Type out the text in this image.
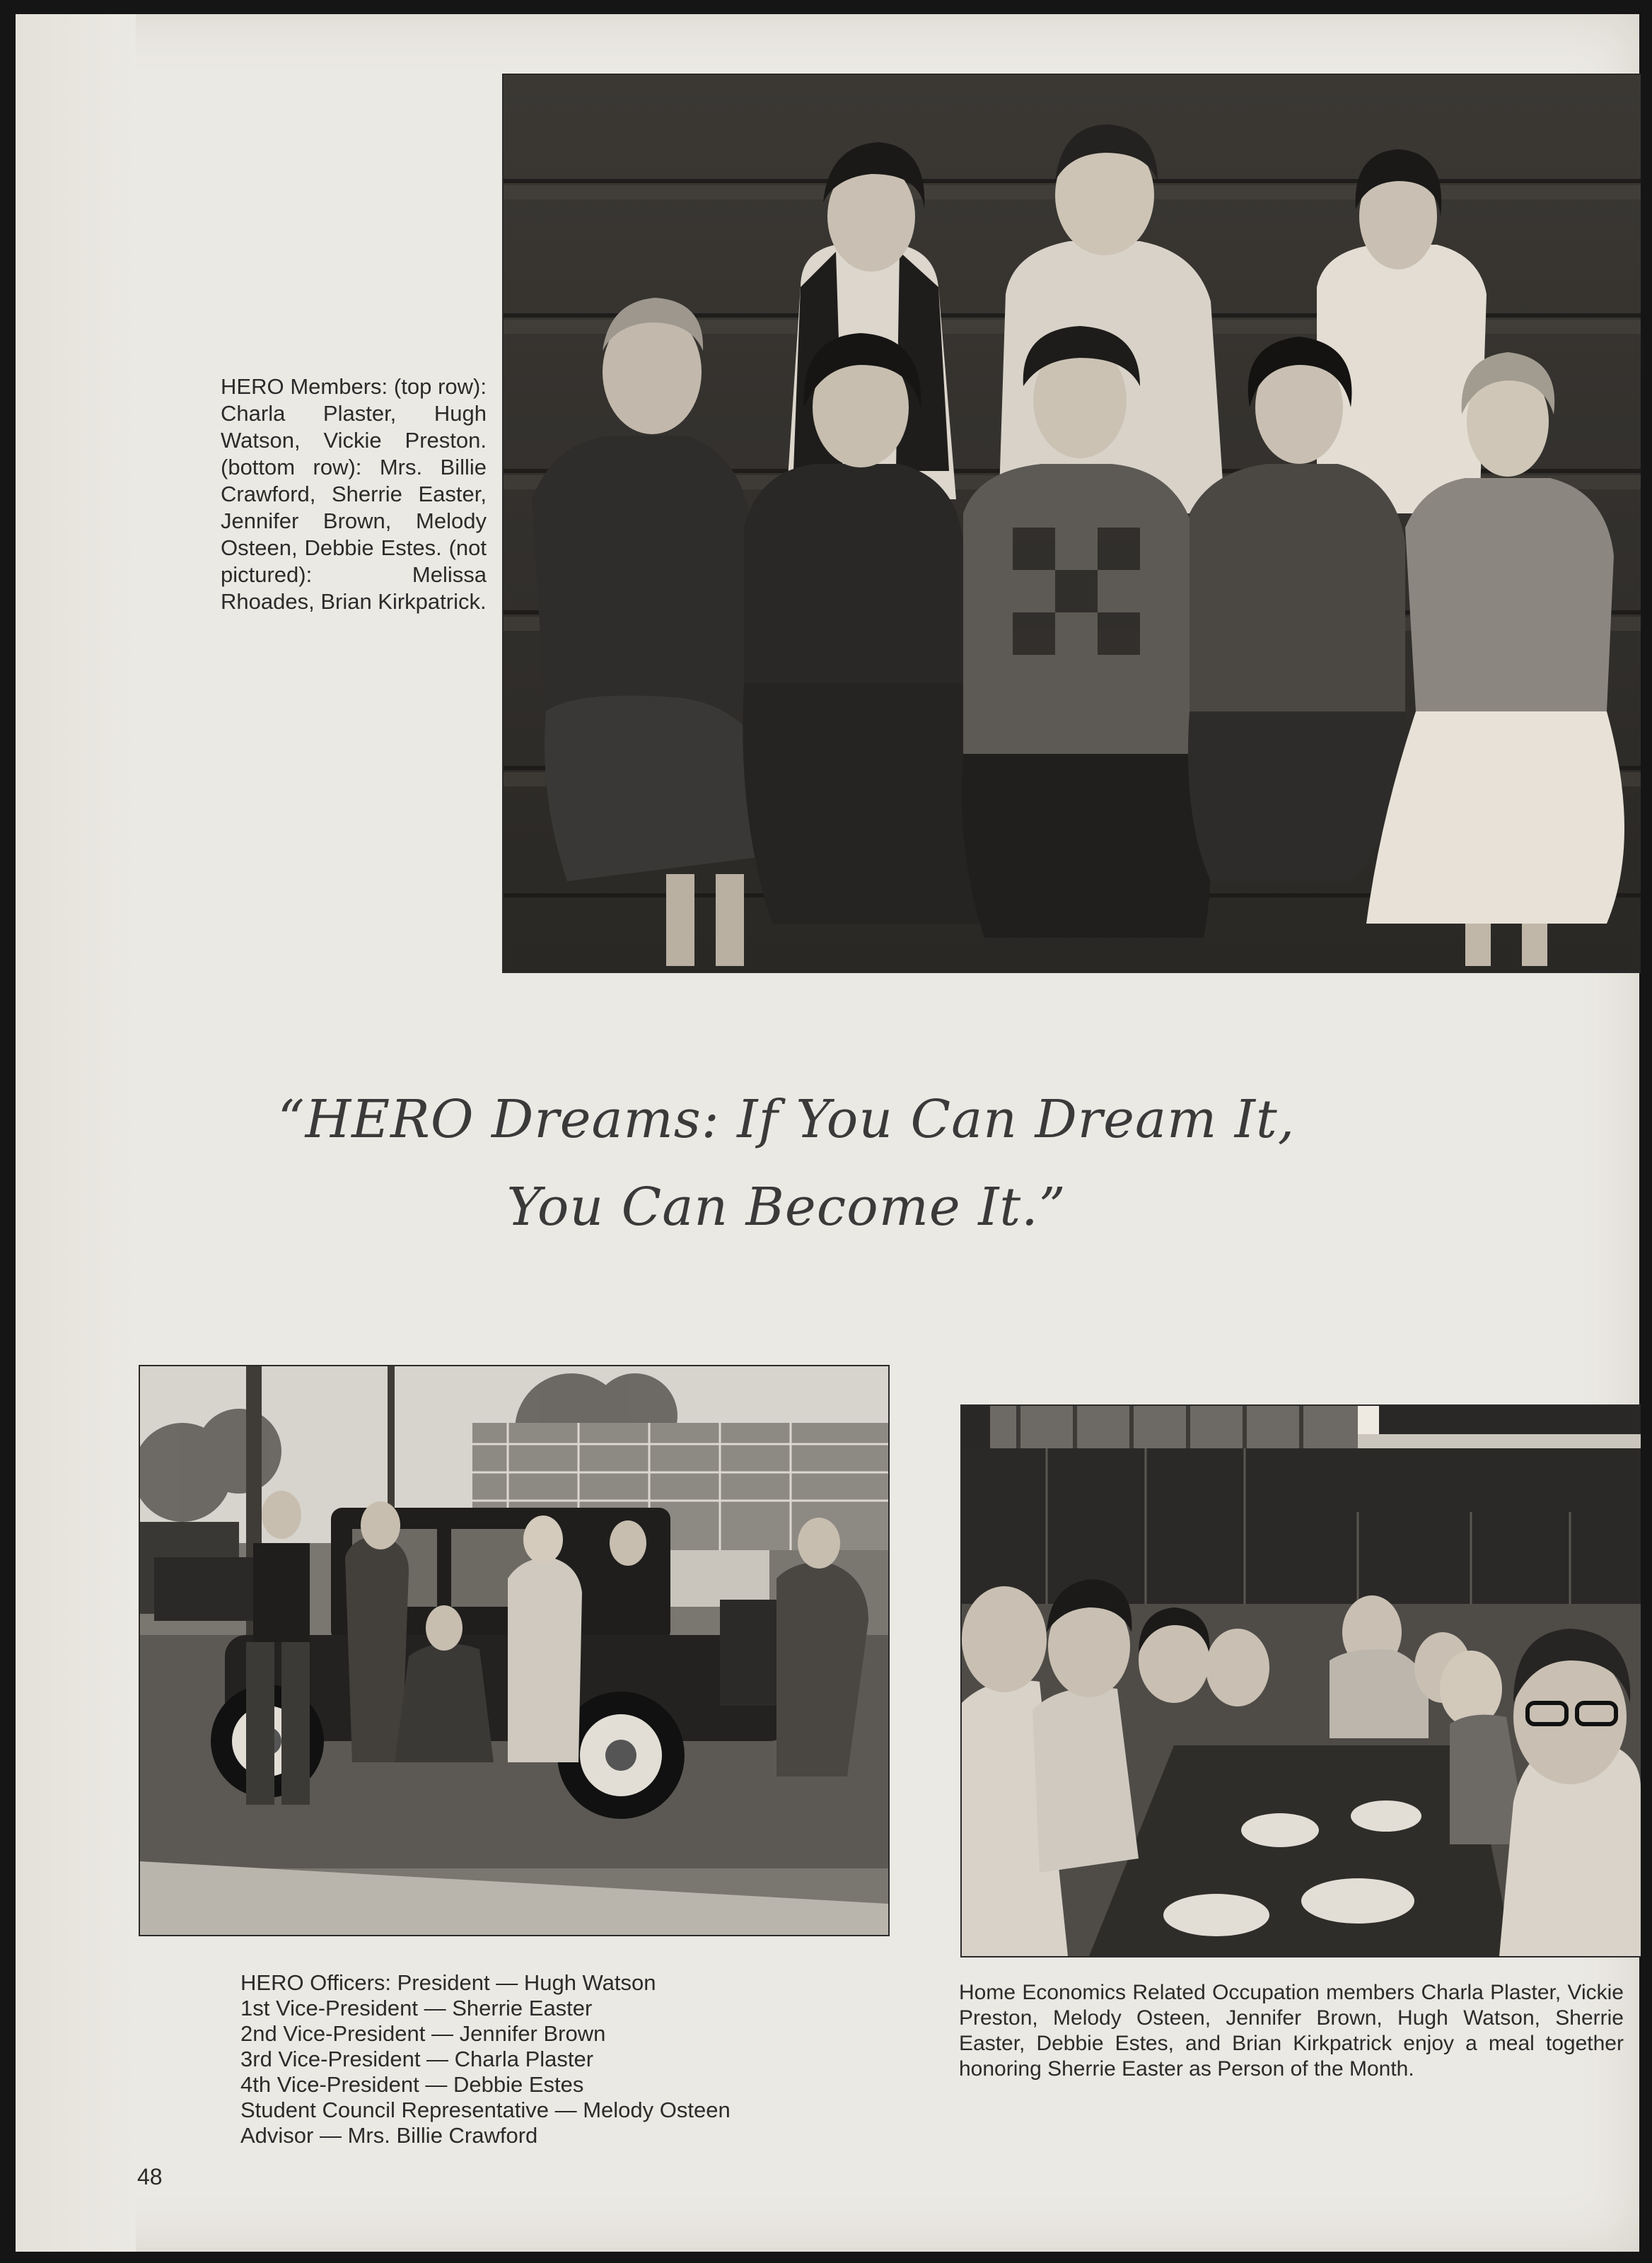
HERO Members: (top row): Charla Plaster, Hugh Watson, Vickie Preston. (bottom row): Mrs. Billie Crawford, Sherrie Easter, Jennifer Brown, Melody Osteen, Debbie Estes. (not pictured): Melissa Rhoades, Brian Kirkpatrick.
“HERO Dreams: If You Can Dream It,
You Can Become It.”
HERO Officers: President — Hugh Watson
1st Vice-President — Sherrie Easter
2nd Vice-President — Jennifer Brown
3rd Vice-President — Charla Plaster
4th Vice-President — Debbie Estes
Student Council Representative — Melody Osteen
Advisor — Mrs. Billie Crawford
Home Economics Related Occupation members Charla Plaster, Vickie Preston, Melody Osteen, Jennifer Brown, Hugh Watson, Sherrie Easter, Debbie Estes, and Brian Kirkpatrick enjoy a meal together honoring Sherrie Easter as Person of the Month.
48
